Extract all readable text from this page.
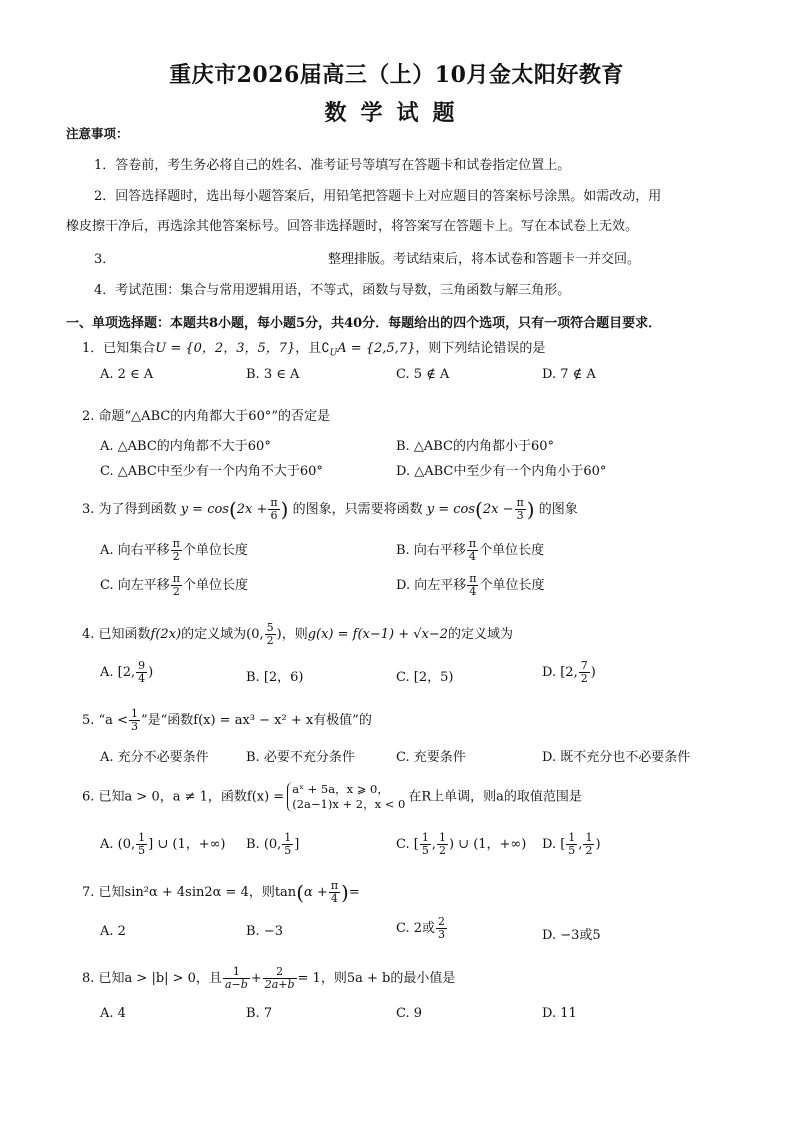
重庆市2026届高三（上）10月金太阳好教育
数学试题
注意事项：
1．答卷前，考生务必将自己的姓名、准考证号等填写在答题卡和试卷指定位置上。
2．回答选择题时，选出每小题答案后，用铅笔把答题卡上对应题目的答案标号涂黑。如需改动，用
橡皮擦干净后，再选涂其他答案标号。回答非选择题时，将答案写在答题卡上。写在本试卷上无效。
3．	整理排版。考试结束后，将本试卷和答题卡一并交回。
4．考试范围：集合与常用逻辑用语，不等式，函数与导数，三角函数与解三角形。
一、单项选择题：本题共8小题，每小题5分，共40分．每题给出的四个选项，只有一项符合题目要求．
1．已知集合U = {0，2，3，5，7}，且$∁_UA = \{2,5,7\}$，则下列结论错误的是
A. 2 ∈ A	B. 3 ∈ A	C. 5 ∉ A	D. 7 ∉ A
2. 命题“△ABC的内角都大于60°”的否定是
A. △ABC的内角都不大于60°	B. △ABC的内角都小于60°
C. △ABC中至少有一个内角不大于60°	D. △ABC中至少有一个内角小于60°
3. 为了得到函数 $y = \cos(2x + \frac{\pi}{6}$ ) 的图象，只需要将函数 $y = \cos(2x - \frac{\pi}{3}$ ) 的图象
A. 向右平移 $\frac{\pi}{2}$ 个单位长度	B. 向右平移 $\frac{\pi}{4}$ 个单位长度
C. 向左平移 $\frac{\pi}{2}$ 个单位长度	D. 向左平移 $\frac{\pi}{4}$ 个单位长度
4. 已知函数f(2x)的定义域为(0, $\frac{5}{2}$ )，则g(x) = f(x−1) + √x−2的定义域为
A. [2, $\frac{9}{4}$ )	B. [2，6)	C. [2，5)	D. [2, $\frac{7}{2}$ )
5. “$a < \frac{1}{3}$ ”是“函数f(x) = ax³ − x² + x有极值”的
A. 充分不必要条件	B. 必要不充分条件	C. 充要条件	D. 既不充分也不必要条件
6. 已知a > 0，a ≠ 1，函数f(x) =
aˣ + 5a，x ⩾ 0，
(2a−1)x + 2，x < 0 在R上单调，则a的取值范围是
A. (0, $\frac{1}{5}$ ] ∪ (1，+∞) B. (0, $\frac{1}{5}$ ]	C. [ $\frac{1}{5}$ , $\frac{1}{2}$ ) ∪ (1，+∞) D. [ $\frac{1}{5}$ , $\frac{1}{2}$ )
7. 已知sin²α + 4sin2α = 4，则$\tan(\alpha + \frac{\pi}{4}$ )=
A. 2	B. −3	C. 2或 $\frac{2}{3}$	D. −3或5
8. 已知a > |b| > 0，且 $\frac{1}{a-b} + \frac{2}{2a+b} = 1$，则5a + b的最小值是
A. 4	B. 7	C. 9	D. 11
